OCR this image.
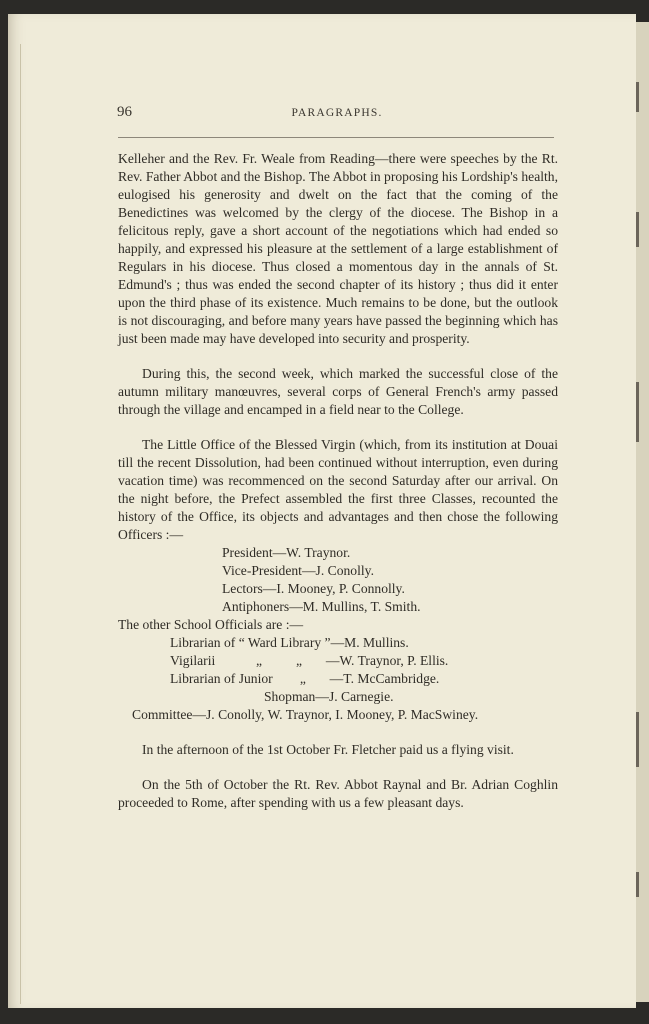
96	PARAGRAPHS.

Kelleher and the Rev. Fr. Weale from Reading—there were speeches by the Rt. Rev. Father Abbot and the Bishop. The Abbot in proposing his Lordship's health, eulogised his generosity and dwelt on the fact that the coming of the Benedictines was welcomed by the clergy of the diocese. The Bishop in a felicitous reply, gave a short account of the negotiations which had ended so happily, and expressed his pleasure at the settlement of a large establishment of Regulars in his diocese. Thus closed a momentous day in the annals of St. Edmund's ; thus was ended the second chapter of its history ; thus did it enter upon the third phase of its existence. Much remains to be done, but the outlook is not discouraging, and before many years have passed the beginning which has just been made may have developed into security and prosperity.

During this, the second week, which marked the successful close of the autumn military manœuvres, several corps of General French's army passed through the village and encamped in a field near to the College.

The Little Office of the Blessed Virgin (which, from its institution at Douai till the recent Dissolution, had been continued without interruption, even during vacation time) was recommenced on the second Saturday after our arrival. On the night before, the Prefect assembled the first three Classes, recounted the history of the Office, its objects and advantages and then chose the following Officers :—

President—W. Traynor.

Vice-President—J. Conolly.

Lectors—I. Mooney, P. Connolly.

Antiphoners—M. Mullins, T. Smith.

The other School Officials are :—

Librarian of “ Ward Library ”—M. Mullins.

Vigilarii            „          „       —W. Traynor, P. Ellis.

Librarian of Junior        „       —T. McCambridge.

Shopman—J. Carnegie.

Committee—J. Conolly, W. Traynor, I. Mooney, P. MacSwiney.

In the afternoon of the 1st October Fr. Fletcher paid us a flying visit.

On the 5th of October the Rt. Rev. Abbot Raynal and Br. Adrian Coghlin proceeded to Rome, after spending with us a few pleasant days.
